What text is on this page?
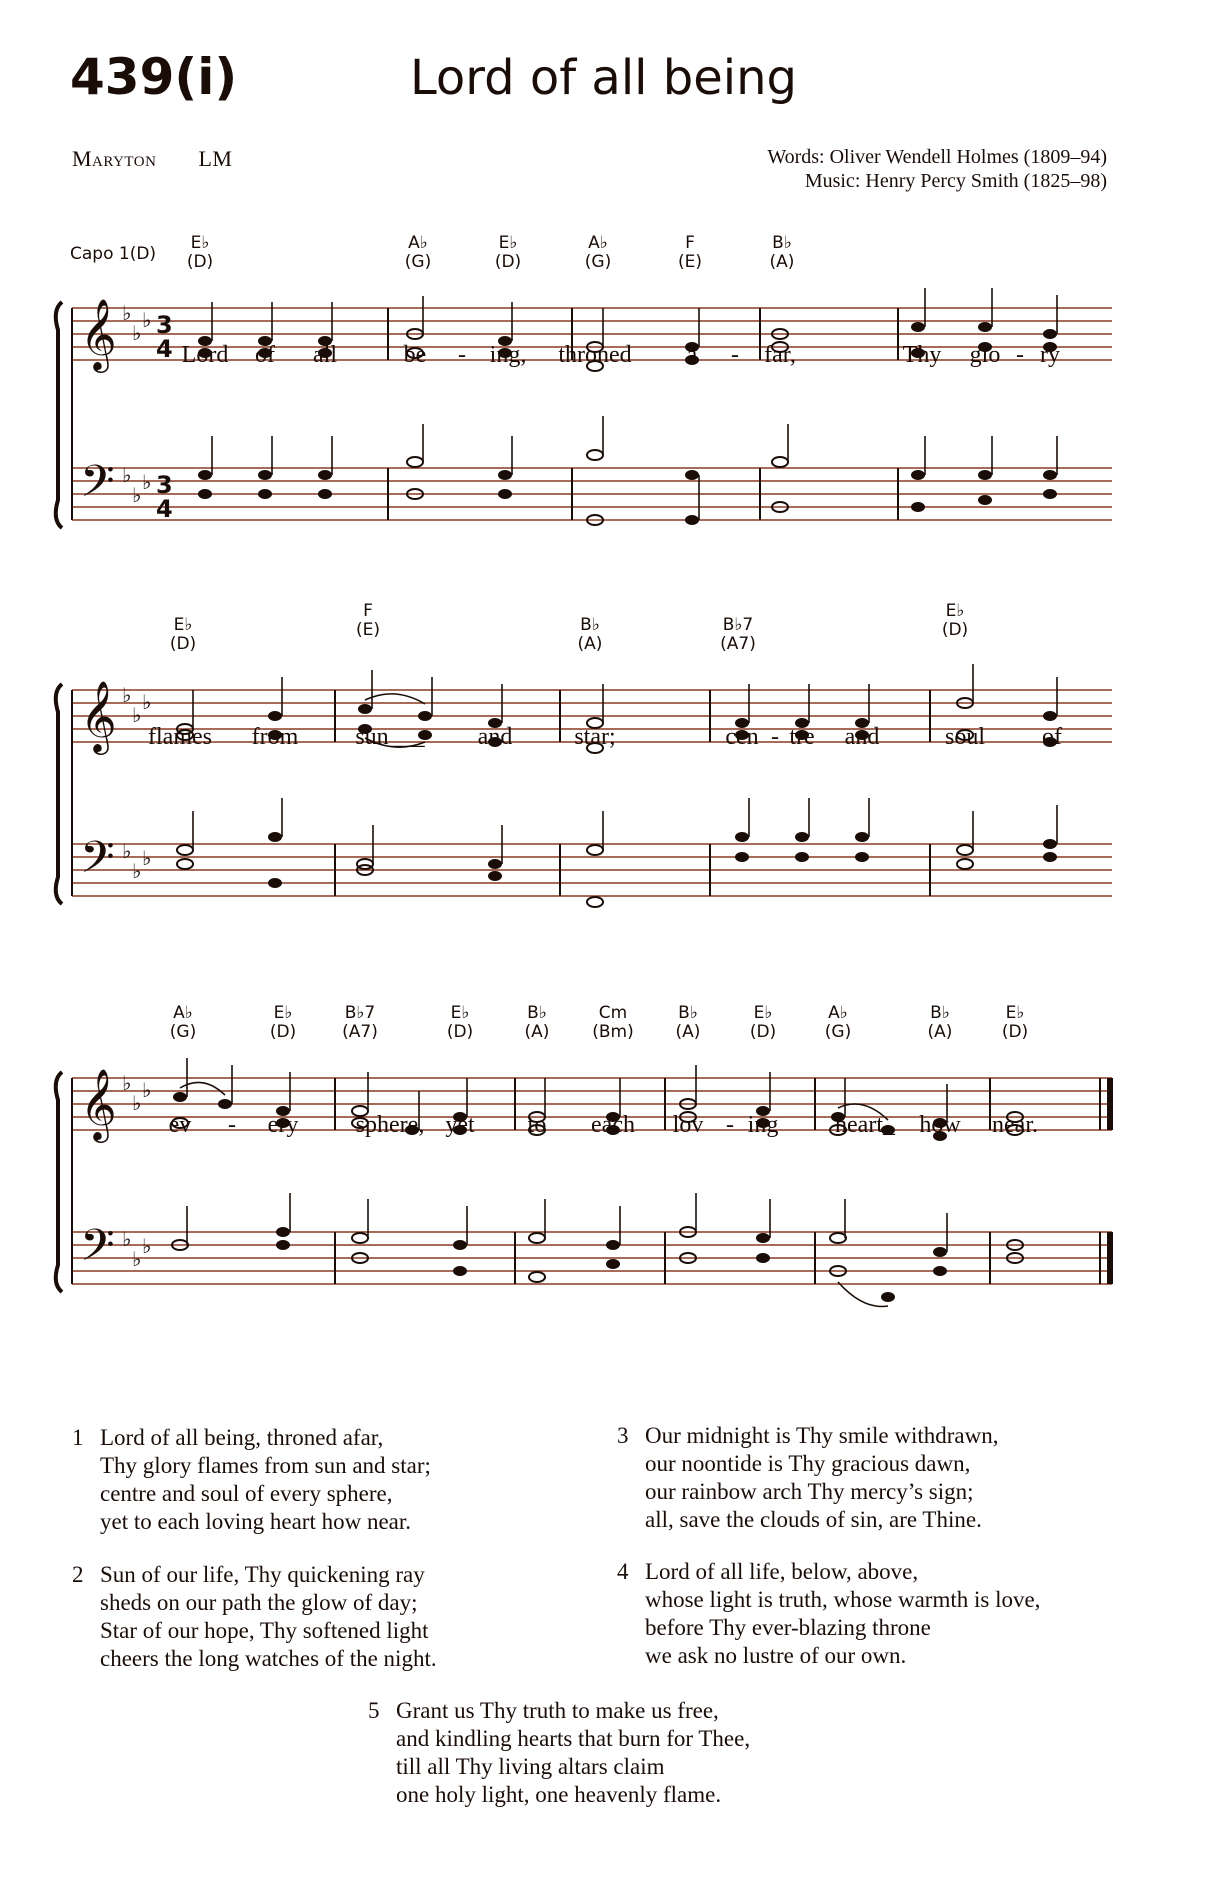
439(i)	Lord of all being
Maryton LM	Words: Oliver Wendell Holmes (1809–94)
Music: Henry Percy Smith (1825–98)
Capo 1(D)
E♭
(D)
A♭
(G)
E♭
(D)
A♭
(G)
F
(E)
B♭
(A)
𝄞
𝄢
♭
♭
♭
♭
♭
♭
3
4
3
4
Lord of all	be - ing, throned a - far,	Thy glo - ry
E♭
(D)
F
(E)	B♭
(A)
B♭7
(A7)
E♭
(D)
𝄞
𝄢
♭
♭
♭
♭
♭
♭
flames from sun___ and	star;	cen - tre and	soul of
A♭
(G)
E♭
(D)
B♭7
(A7)
E♭
(D)
B♭
(A)
Cm
(Bm)
B♭
(A)
E♭
(D)
A♭
(G)
B♭
(A)
E♭
(D)
𝄞
𝄢
♭
♭
♭
♭
♭
♭
ev - ery sphere, yet to each lov - ing heart_ how near.
1 Lord of all being, throned afar,
Thy glory flames from sun and star;
centre and soul of every sphere,
yet to each loving heart how near.
2 Sun of our life, Thy quickening ray
sheds on our path the glow of day;
Star of our hope, Thy softened light
cheers the long watches of the night.
3 Our midnight is Thy smile withdrawn,
our noontide is Thy gracious dawn,
our rainbow arch Thy mercy’s sign;
all, save the clouds of sin, are Thine.
4 Lord of all life, below, above,
whose light is truth, whose warmth is love,
before Thy ever-blazing throne
we ask no lustre of our own.
5 Grant us Thy truth to make us free,
and kindling hearts that burn for Thee,
till all Thy living altars claim
one holy light, one heavenly flame.
